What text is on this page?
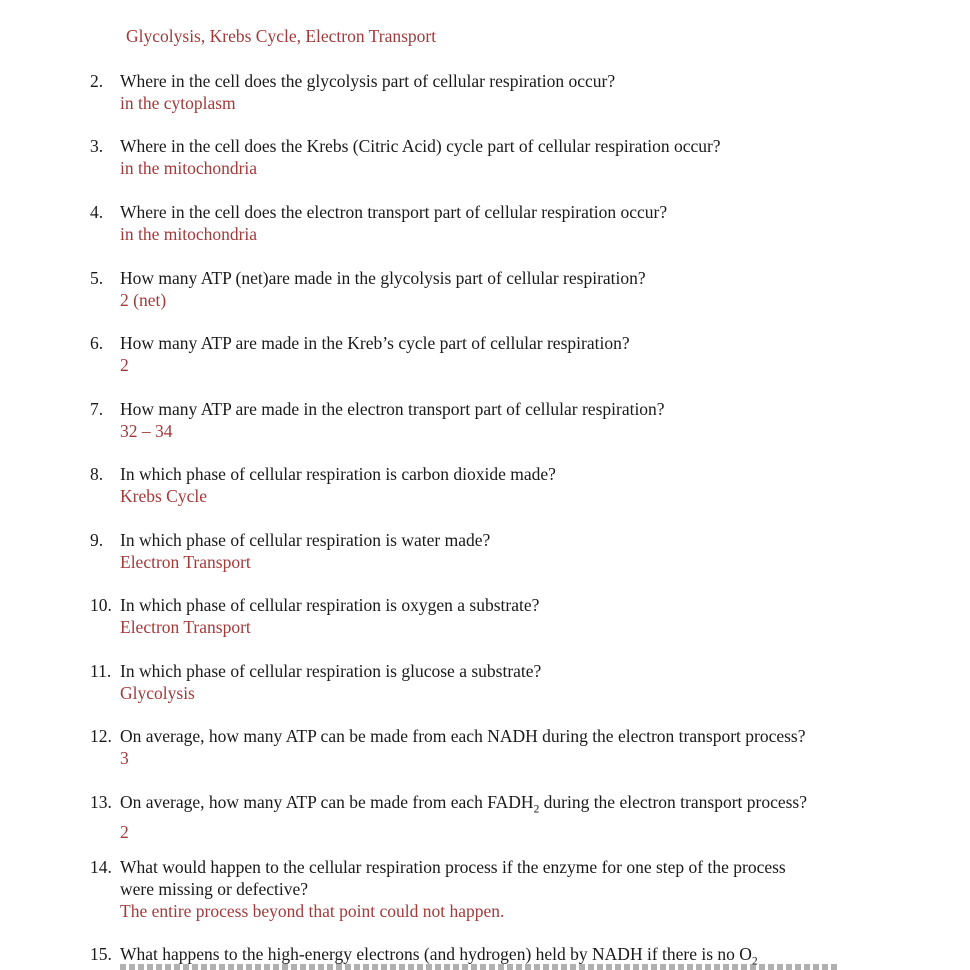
Glycolysis, Krebs Cycle, Electron Transport
2. Where in the cell does the glycolysis part of cellular respiration occur?
in the cytoplasm
3. Where in the cell does the Krebs (Citric Acid) cycle part of cellular respiration occur?
in the mitochondria
4. Where in the cell does the electron transport part of cellular respiration occur?
in the mitochondria
5. How many ATP (net)are made in the glycolysis part of cellular respiration?
2 (net)
6. How many ATP are made in the Kreb’s cycle part of cellular respiration?
2
7. How many ATP are made in the electron transport part of cellular respiration?
32 – 34
8. In which phase of cellular respiration is carbon dioxide made?
Krebs Cycle
9. In which phase of cellular respiration is water made?
Electron Transport
10. In which phase of cellular respiration is oxygen a substrate?
Electron Transport
11. In which phase of cellular respiration is glucose a substrate?
Glycolysis
12. On average, how many ATP can be made from each NADH during the electron transport process?
3
13. On average, how many ATP can be made from each $FADH_2$ during the electron transport process?
2
14. What would happen to the cellular respiration process if the enzyme for one step of the process
were missing or defective?
The entire process beyond that point could not happen.
15. What happens to the high-energy electrons (and hydrogen) held by NADH if there is no $O_2$
